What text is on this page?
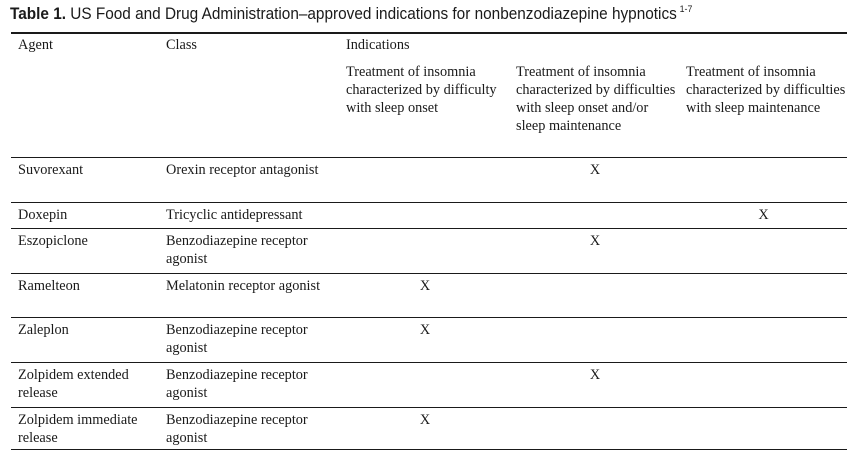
Table 1. US Food and Drug Administration–approved indications for nonbenzodiazepine hypnotics $^{1-7}$
Agent	Class	Indications		
		Treatment of insomnia characterized by difficulty with sleep onset	Treatment of insomnia characterized by difficulties with sleep onset and/or sleep maintenance	Treatment of insomnia characterized by difficulties with sleep maintenance
Suvorexant	Orexin receptor antagonist		X	
Doxepin	Tricyclic antidepressant			X
Eszopiclone	Benzodiazepine receptor agonist		X	
Ramelteon	Melatonin receptor agonist	X		
Zaleplon	Benzodiazepine receptor agonist	X		
Zolpidem extended release	Benzodiazepine receptor agonist		X	
Zolpidem immediate release	Benzodiazepine receptor agonist	X		
